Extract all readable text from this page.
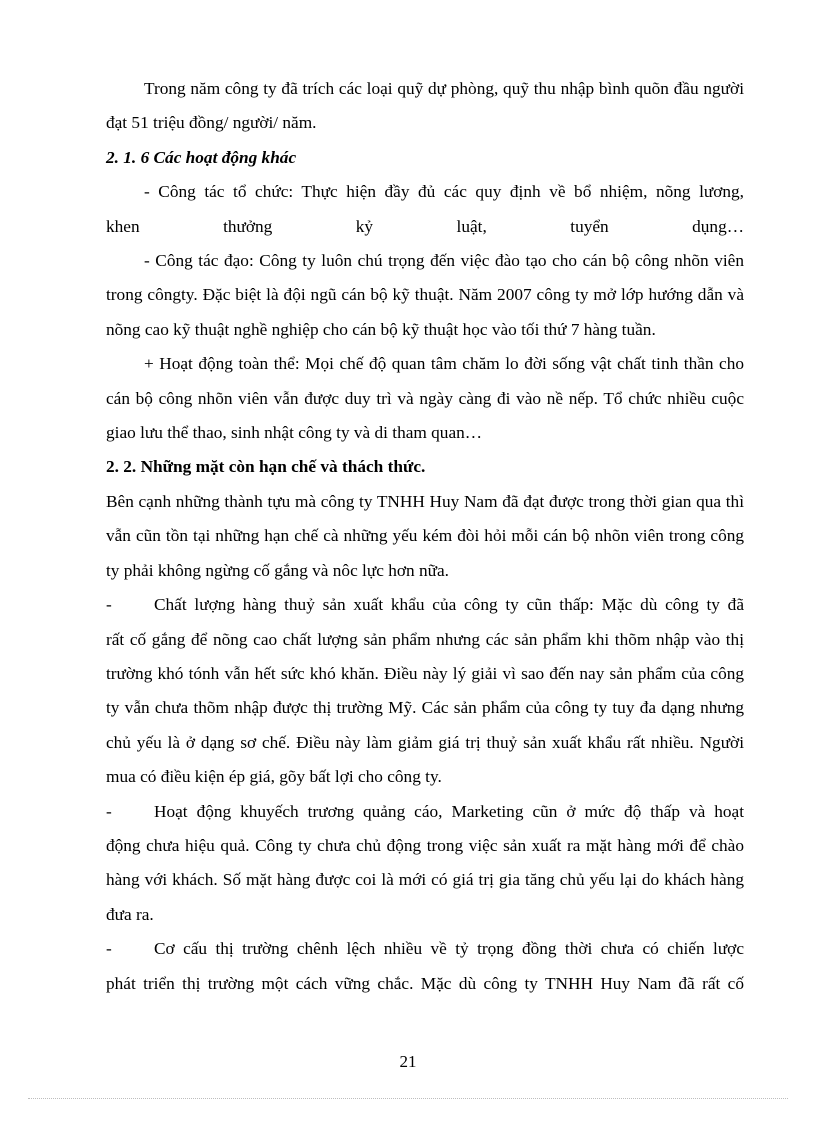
Trong năm công ty đã trích các loại quỹ dự phòng, quỹ thu nhập bình quõn đầu người đạt 51 triệu đồng/ người/ năm.

2. 1. 6 Các hoạt động khác

- Công tác tổ chức: Thực hiện đầy đủ các quy định về bổ nhiệm, nõng lương,

khen thưởng kỷ luật, tuyển dụng…

- Công tác đạo: Công ty luôn chú trọng đến việc đào tạo cho cán bộ công nhõn viên trong côngty. Đặc biệt là đội ngũ cán bộ kỹ thuật. Năm 2007 công ty mở lớp hướng dẫn và nõng cao kỹ thuật nghề nghiệp cho cán bộ kỹ thuật học vào tối thứ 7 hàng tuần.

+ Hoạt động toàn thể: Mọi chế độ quan tâm chăm lo đời sống vật chất tinh thần cho cán bộ công nhõn viên vẫn được duy trì và ngày càng đi vào nề nếp. Tổ chức nhiều cuộc giao lưu thể thao, sinh nhật công ty và di tham quan…

2. 2. Những mặt còn hạn chế và thách thức.

Bên cạnh những thành tựu mà công ty TNHH Huy Nam đã đạt được trong thời gian qua thì vẫn cũn tồn tại những hạn chế cà những yếu kém đòi hỏi mỗi cán bộ nhõn viên trong công ty phải không ngừng cố gắng và nôc lực hơn nữa.

-	Chất lượng hàng thuỷ sản xuất khẩu của công ty cũn thấp: Mặc dù công ty đã

rất cố gắng để nõng cao chất lượng sản phẩm nhưng các sản phẩm khi thõm nhập vào thị trường khó tónh vẫn hết sức khó khăn. Điều này lý giải vì sao đến nay sản phẩm của công ty vẫn chưa thõm nhập được thị trường Mỹ. Các sản phẩm của công ty tuy đa dạng nhưng chủ yếu là ở dạng sơ chế. Điều này làm giảm giá trị thuỷ sản xuất khẩu rất nhiều. Người mua có điều kiện ép giá, gõy bất lợi cho công ty.

-	Hoạt động khuyếch trương quảng cáo, Marketing cũn ở mức độ thấp và hoạt

động chưa hiệu quả. Công ty chưa chủ động trong việc sản xuất ra mặt hàng mới để chào hàng với khách. Số mặt hàng được coi là mới có giá trị gia tăng chủ yếu lại do khách hàng đưa ra.

-	Cơ cấu thị trường chênh lệch nhiều về tỷ trọng đồng thời chưa có chiến lược

phát triển thị trường một cách vững chắc. Mặc dù công ty TNHH Huy Nam đã rất cố

21
